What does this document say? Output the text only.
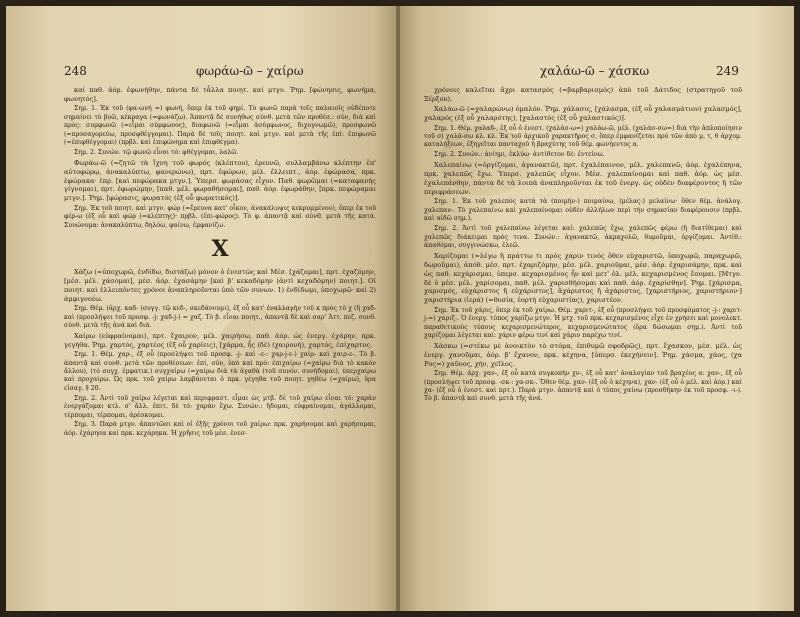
248	φωράω-ῶ – χαίρω

καί παθ. ἀόρ. ἐφωνήθην, πάντα δὲ τἆλλα ποιητ. καί μτγν. Ῥημ. [φώνησις, φωνήμα, φωνητός].

Σημ. 1. Ἐκ τοῦ (φα-ωνή =) φωνή, ὅπερ ἐκ τοῦ φημί. Τὸ φωνῶ παρὰ τοῖς παλαιοῖς οὐδέποτε σημαίνει τὸ βοῶ, κέκραγα (=φωνάζω). Ἀπαντᾷ δὲ συνήθως σύνθ. μετὰ τῶν προθέσ.: σύν, διὰ καὶ πρός: συμφωνῶ (=εἶμαι σύμφωνος), διαφωνῶ (=εἶμαι ἀσύμφωνος, διχογνωμῶ), προσφωνῶ (=προσαγορεύω, προσφθέγγομαι). Παρὰ δὲ τοῖς ποιητ. καὶ μτγν. καὶ μετὰ τῆς ἐπί: ἐπιφωνῶ (=ἐπιφθέγγομαι) (πρβλ. καὶ ἐπιφώνημα καὶ ἐπιφθέγμα).

Σημ. 2. Συνών. τῷ φωνῶ εἶναι τό: φθέγγομαι, λαλῶ.

Φωράω-ῶ (=ζητῶ τὰ ἴχνη τοῦ φωρός (κλέπτου), ἐρευνῶ, συλλαμβάνω κλέπτην ἐπ' αὐτοφώρῳ, ἀνακαλύπτω, φανερώνω), πρτ. ἐφώρων, μέλ. ἐλλειπτ., ἀόρ. ἐφώρασα, πρκ. ἐφώρακα· ἐπρ. [καὶ πεφώρακα μτγν.]. Ὑπερσ. φωράσας εἶχον. Παθ. φωρῶμαι (=καταφανὴς γίγνομαι), πρτ. ἐφωρώμην, [παθ. μέλ. φωραθήσομαι], παθ. ἀόρ. ἐφωράθην, [πρκ. πεφώραμαι μτγν.]. Ῥημ. [φώρασις, φωρατός (ἐξ οὗ φωρατικός)].

Σημ. Ἐκ τοῦ ποιητ. καὶ μτγν. φώρ (=ἔρευνα κατ' οἶκον, ἀνακάλυψις κεκρυμμένου), ὅπερ ἐκ τοῦ φέρ-ω (ἐξ οὗ καὶ φώρ (=κλέπτης)· πρβλ. (ἐπι-φώρος). Τὸ φ. ἀπαντᾷ καὶ σύνθ. μετὰ τῆς κατά. Συνώνυμα: ἀνακαλύπτω, δηλόω, φαίνω, ἐμφανίζω.

Χ

Χάζω (=ὑποχωρῶ, ἐνδίδω, διστάζω) μόνον ὁ ἐνεστὼς καὶ Μέσ. [χάζομαι], πρτ. ἐχαζόμην, [μέσ. μέλ. χάσομαι], μέσ. ἀόρ. ἐχασάμην [καὶ β' κεκαδόμην (ἀντὶ κεχαδόμην) ποιητ.]. Οἱ ποιητ. καὶ ἐλλειπόντες χρόνοι ἀναπληροῦνται ὑπὸ τῶν συνων. 1) ἐνδίδωμι, ὑποχωρῶ· καὶ 2) ἀμφιγνοέω.

Σημ. Θέμ. (ἀρχ. καδ- (συγγ. τῷ κεδ-, σκεδάννυμι), ἐξ οὗ κατ' ἐναλλαγὴν τοῦ κ πρὸς τὸ χ (ἤ χαδ- καὶ (προσλήψει τοῦ προσφ. -j: χαδ-j-) = χαζ. Τὸ β. εἶναι ποιητ., ἀπαντᾷ δὲ καὶ σαρ' Ἀττ. πεζ. συνθ. σύνθ. μετὰ τῆς ἀνά καὶ διά.

Χαίρω (εὐφραίνομαι), πρτ. ἔχαιρον, μέλ. χαιρήσω, παθ. ἀόρ. ὡς ἐνεργ. ἐχάρην, πρκ. γεγήθα. Ῥημ. χαρτός, χαρτέος (ἐξ οὗ χαρίεις), [χάρμα, ἧς (δὲ) (χαιρονή), χαρτός, ἐπίχαρτος.

Σημ. 1. Θέμ. χαρ-, ἐξ οὗ (προσλήψει τοῦ προσφ. -j- καὶ -ε-: χαρ-j-ε-) χαίρ- καὶ χαιρ-ε-. Τὸ β. ἀπαντᾷ καὶ συνθ. μετὰ τῶν προθέσεων: ἐπί, σύν, ὑπὸ καὶ πρό: ἐπιχαίρω (=χαίρω διὰ τὸ κακὸν ἄλλου), (τὸ συγχ. ἐμφατικ.) συγχαίρω (=χαίρω διὰ τὰ ἀγαθὰ (τοῦ συνόν. συνήδομαι), ὑπερχαίρω καὶ προχαίρω. Ὡς πρκ. τοῦ χαίρω λαμβάνεται ὁ πρκ. γέγηθα τοῦ ποιητ. γηθέω (=χαίρω), ὅρα εἰσαγ. § 20.

Σημ. 2. Ἀντὶ τοῦ χαίρω λέγεται καὶ περιφραστ. εἶμαι ὡς μτβ. δὲ τοῦ χαίρω εἶναι τό: χαρὰν ἐνεργάζομαι κτλ. σ' ἄλλ. ἐπιτ. δὲ τό: χαρὰν ἔχω. Συνών.: ἥδομαι, εὐφραίνομαι, ἀγάλλομαι, τέρπομαι, τέρπομαι, ἀρέσκομαι.

Σημ. 3. Παρὰ μτγν. ἀπαντῶσι καὶ οἱ ἑξῆς χρόνοι τοῦ χαίρω: πρκ. χαρήσομαι καὶ χαρήσομαι, ἀόρ. ἐχάρησα καὶ πρκ. κεχάρηκα. Ἡ χρῆσις τοῦ μέσ. ἐνεσ-

χαλάω-ῶ – χάσκω	249

χρόνοις καλεῖται ἄχρι κατασμὸς (=βαρβαρισμὸς) ἀπὸ τοῦ Δάτιδος (στρατηγοῦ τοῦ Ξέρξου).

Χαλάω-ῶ (=χαλαρώνω) ὁμαλόν. Ῥημ. χάλασις, [χάλασμα, (ἐξ οὗ χαλασμάτιον) χαλασμός], χαλαρός (ἐξ οὗ χαλαρότης), [χαλαστός (ἐξ οὗ χαλαστικός)].

Σημ. 1. Θέμ. χαλαδ-, ἐξ οὗ ὁ ἐνεστ. (χαλάσ-ω=) χαλάω-ῶ, μέλ. (χαλάσ-σω=) διὰ τὴν ἀπλοποίησιν τοῦ σ) χαλά-σω κλ. κλ. Ἐκ τοῦ ἀρχικοῦ χαρακτῆρος σ, ὅπερ ἐμφανίζεται πρὸ τῶν ἀπὸ μ, τ, θ ἀρχομ. καταλήξεων, ἐξηγεῖται πανταχοῦ ἡ βραχύτης τοῦ θέμ. φωνήεντος α.

Σημ. 2. Συνών.: ἀνίημι, ἐκλύω· ἀντίθετον δὲ: ἐντείνω.

Χαλεπαίνω (=ὀργίζομαι, ἀγανακτῶ), πρτ. ἐχαλέπαινον, μέλ. χαλεπανῶ, ἀόρ. ἐχαλέπηνα, πρκ. χαλεπῶς ἔχω. Ὑπερσ. χαλεπῶς εἶχον. Μέσ. χαλεπαίνομαι καὶ παθ. ἀόρ. ὡς μέσ. ἐχαλεπάνθην, πάντα δὲ τὰ λοιπὰ ἀναπληροῦνται ἐκ τοῦ ἐνεργ. ὡς οὐδὲν διαφέροντος ἢ τῶν περιφράσεων.

Σημ. 1. Ἐκ τοῦ χαλεπὸς κατὰ τὰ (ποιμήν-) ποιμαίνω, (μέλας-) μελαίνω· ὅθεν θέμ. ἀνάλογ. χαλεπαν-. Τὸ χαλεπαίνω καὶ χαλεπαίνομαι οὐδὲν ἀλλήλων περὶ τὴν σημασίαν διαφέρουσιν (πρβλ. καὶ αἰδῶ σημ.).

Σημ. 2. Ἀντὶ τοῦ χαλεπαίνω λέγεται καί: χαλεπῶς ἔχω, χαλεπῶς φέρω (ἢ διατίθεμαι) καὶ χαλεπῶς διάκειμαι πρὸς τινα. Συνών.: ἀγανακτῶ, ἀκραχολῶ, θυμοῦμαι, ὀργίζομαι. Ἀντίθ.: ἀπαθόμαι, συγγινώσκω, ἐλεῶ.

Χαρίζομαι (=λέγω ἢ πράττω τι πρὸς χάριν τινός ὅθεν εὐχαριστῶ, ὑποχωρῶ, παραχωρῶ, δωροῦμαι), ἀπόθ. μέσ. πρτ. ἐχαριζόμην, μέσ. μέλ. χαριοῦμαι, μέσ. ἀόρ. ἐχαρισάμην, πρκ. καὶ ὡς παθ. κεχάρισμαι, ὑπερσ. κεχαρισμένος ἦν καὶ μετ' ὀλ. μέλ. κεχαρισμένος ἔσομαι. [Μτγν. δὲ ὁ μέσ. μέλ. χαρίσομαι, παθ. μέλ. χαρισθήσομαι καὶ παθ. ἀόρ. ἐχαρίσθην]. Ῥημ. [χάρισμα, χαρισμός, εὐχάριστος ἢ εὐχάριστος], ἄχάριστος ἢ ἀχάριστος, [χαριστήριος, χαριστήριον·] χαριστήρια (ἱερά) (=θυσία, ἑορτὴ εὐχαριστίας), χαριστέον.

Σημ. Ἐκ τοῦ χάρις, ὅπερ ἐκ τοῦ χαίρω. Θέμ. χαριτ-, ἐξ οὗ (προσλήψει τοῦ προσφύματος -j-: χαριτ-j-=) χαριζ-. Ὁ ἐνεργ. τύπος χαρίζω μτγν. Ἡ μτχ. τοῦ πρκ. κεχαρισμένος εἶχε ἐν χρήσει καὶ μονολεκτ. παραθετικοὺς τύπους κεχαρισμενώτερος, κεχαρισμενώτατος (ὅρα δώσωμαι σημ.). Ἀντὶ τοῦ χαρίζομαι λέγεται καί: χάριν φέρω τινί καὶ χάριν παρέχω τινί.

Χάσκω (=στέκω μὲ ἀνοικτὸν τὸ στόμα, ἐπιθυμῶ σφοδρῶς), πρτ. ἔχασκον, μέσ. μέλ. ὡς ἐνεργ. χανοῦμαι, ἀόρ. β' ἔχανον, πρκ. κέχηνα, [ὑπερσ. ἐκεχήνειν]. Ῥημ. χάσμα, χάος, (χα Ρος=) χαῦνος, χήν, χεῖλος.

Σημ. Θέμ. ἀρχ. χαν-, ἐξ οὗ κατὰ συγκοπὴν χν-, ἐξ οὗ κατ' ἀναλογίαν τοῦ βραχέος α: χαν-, ἐξ οὗ (προσλήψει τοῦ προσφ. -σκ-: χα-σκ-. Ὅθεν θέμ. χαν- (ἐξ οὗ ὁ κέχηνα), χαν- (ἐξ οὗ ὁ μέλ. καὶ ἀόρ.) καὶ χα- (ἐξ οὗ ὁ ἐνεστ. καὶ πρτ.). Παρὰ μτγν. ἀπαντᾷ καὶ ὁ τύπος χαίνω (προσθήκην ἐκ τοῦ προσφ. -ι-). Τὸ β. ἀπαντᾷ καὶ συνθ. μετὰ τῆς ἀνά.
